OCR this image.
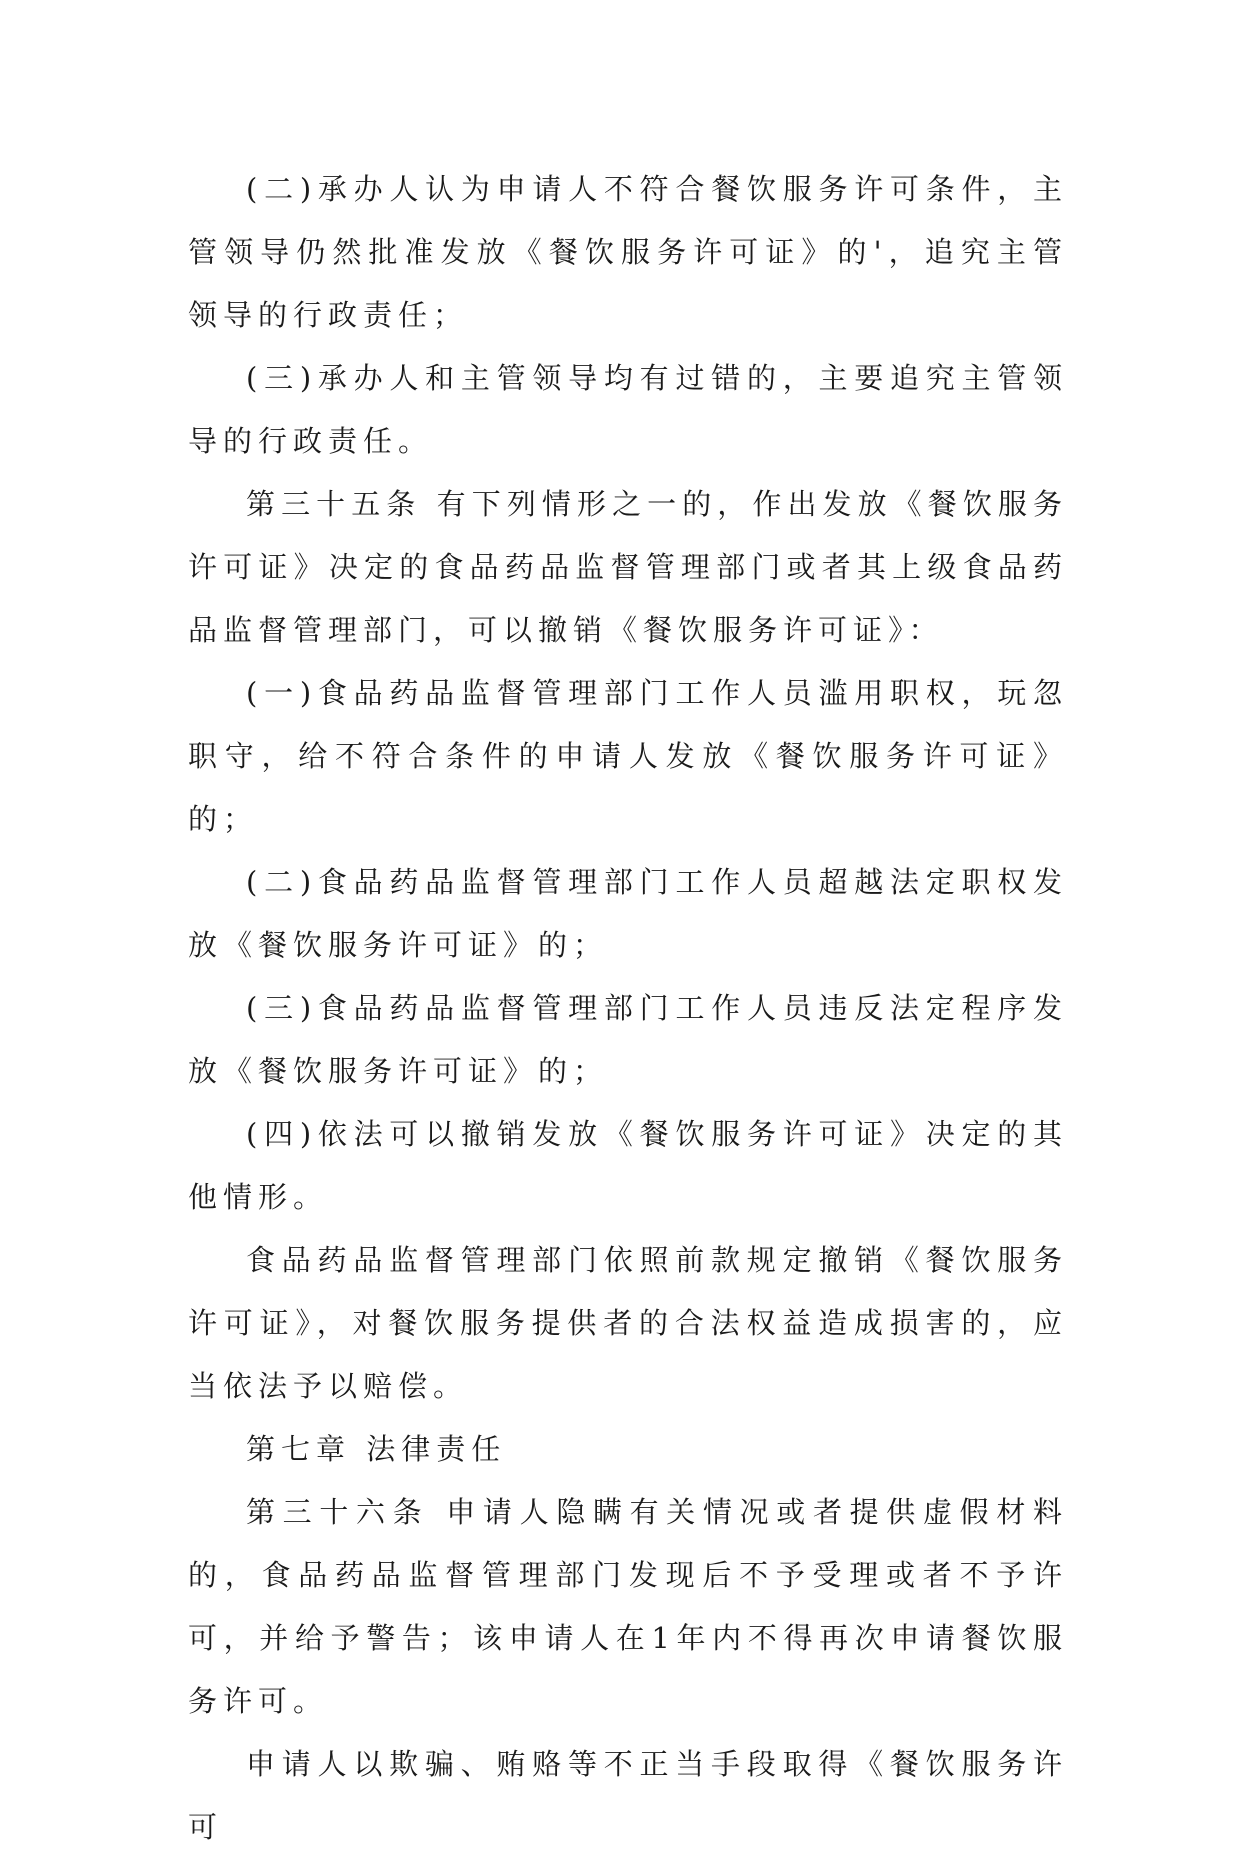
(二)承办人认为申请人不符合餐饮服务许可条件，主管领导仍然批准发放《餐饮服务许可证》的'，追究主管领导的行政责任；

(三)承办人和主管领导均有过错的，主要追究主管领导的行政责任。

第三十五条 有下列情形之一的，作出发放《餐饮服务许可证》决定的食品药品监督管理部门或者其上级食品药品监督管理部门，可以撤销《餐饮服务许可证》：

(一)食品药品监督管理部门工作人员滥用职权，玩忽职守，给不符合条件的申请人发放《餐饮服务许可证》的；

(二)食品药品监督管理部门工作人员超越法定职权发放《餐饮服务许可证》的；

(三)食品药品监督管理部门工作人员违反法定程序发放《餐饮服务许可证》的；

(四)依法可以撤销发放《餐饮服务许可证》决定的其他情形。

食品药品监督管理部门依照前款规定撤销《餐饮服务许可证》，对餐饮服务提供者的合法权益造成损害的，应当依法予以赔偿。

第七章 法律责任

第三十六条 申请人隐瞒有关情况或者提供虚假材料的，食品药品监督管理部门发现后不予受理或者不予许可，并给予警告；该申请人在1年内不得再次申请餐饮服务许可。

申请人以欺骗、贿赂等不正当手段取得《餐饮服务许可
